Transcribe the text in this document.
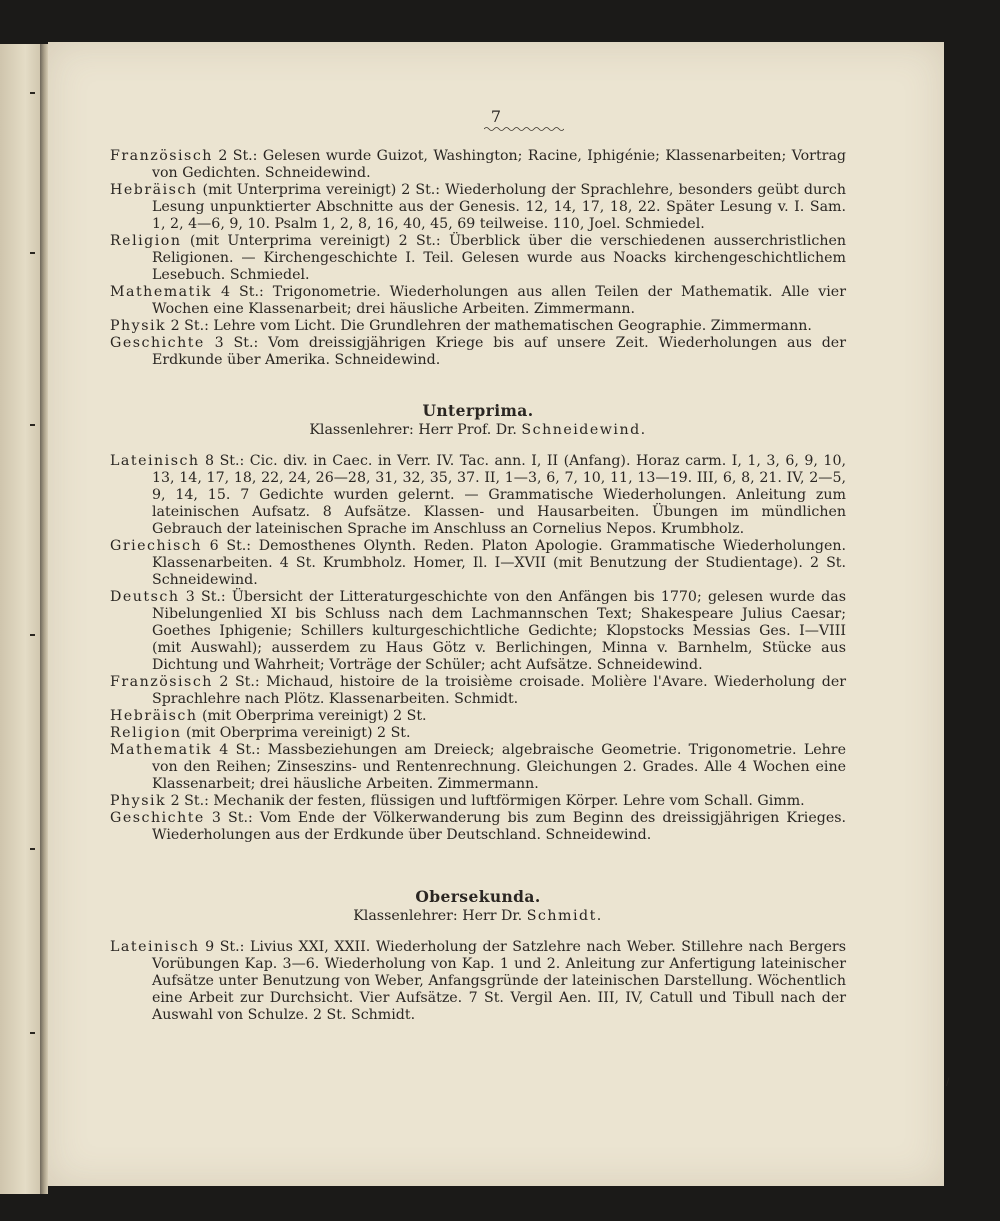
7

Französisch 2 St.: Gelesen wurde Guizot, Washington; Racine, Iphigénie; Klassenarbeiten; Vortrag von Gedichten. Schneidewind.

Hebräisch (mit Unterprima vereinigt) 2 St.: Wiederholung der Sprachlehre, besonders geübt durch Lesung unpunktierter Abschnitte aus der Genesis. 12, 14, 17, 18, 22. Später Lesung v. I. Sam. 1, 2, 4—6, 9, 10. Psalm 1, 2, 8, 16, 40, 45, 69 teilweise. 110, Joel. Schmiedel.

Religion (mit Unterprima vereinigt) 2 St.: Überblick über die verschiedenen ausserchristlichen Religionen. — Kirchengeschichte I. Teil. Gelesen wurde aus Noacks kirchengeschichtlichem Lesebuch. Schmiedel.

Mathematik 4 St.: Trigonometrie. Wiederholungen aus allen Teilen der Mathematik. Alle vier Wochen eine Klassenarbeit; drei häusliche Arbeiten. Zimmermann.

Physik 2 St.: Lehre vom Licht. Die Grundlehren der mathematischen Geographie. Zimmermann.

Geschichte 3 St.: Vom dreissigjährigen Kriege bis auf unsere Zeit. Wiederholungen aus der Erdkunde über Amerika. Schneidewind.

Unterprima.

Klassenlehrer: Herr Prof. Dr. Schneidewind.

Lateinisch 8 St.: Cic. div. in Caec. in Verr. IV. Tac. ann. I, II (Anfang). Horaz carm. I, 1, 3, 6, 9, 10, 13, 14, 17, 18, 22, 24, 26—28, 31, 32, 35, 37. II, 1—3, 6, 7, 10, 11, 13—19. III, 6, 8, 21. IV, 2—5, 9, 14, 15. 7 Gedichte wurden gelernt. — Grammatische Wiederholungen. Anleitung zum lateinischen Aufsatz. 8 Aufsätze. Klassen- und Hausarbeiten. Übungen im mündlichen Gebrauch der lateinischen Sprache im Anschluss an Cornelius Nepos. Krumbholz.

Griechisch 6 St.: Demosthenes Olynth. Reden. Platon Apologie. Grammatische Wiederholungen. Klassenarbeiten. 4 St. Krumbholz. Homer, Il. I—XVII (mit Benutzung der Studientage). 2 St. Schneidewind.

Deutsch 3 St.: Übersicht der Litteraturgeschichte von den Anfängen bis 1770; gelesen wurde das Nibelungenlied XI bis Schluss nach dem Lachmannschen Text; Shakespeare Julius Caesar; Goethes Iphigenie; Schillers kulturgeschichtliche Gedichte; Klopstocks Messias Ges. I—VIII (mit Auswahl); ausserdem zu Haus Götz v. Berlichingen, Minna v. Barnhelm, Stücke aus Dichtung und Wahrheit; Vorträge der Schüler; acht Aufsätze. Schneidewind.

Französisch 2 St.: Michaud, histoire de la troisième croisade. Molière l'Avare. Wiederholung der Sprachlehre nach Plötz. Klassenarbeiten. Schmidt.

Hebräisch (mit Oberprima vereinigt) 2 St.

Religion (mit Oberprima vereinigt) 2 St.

Mathematik 4 St.: Massbeziehungen am Dreieck; algebraische Geometrie. Trigonometrie. Lehre von den Reihen; Zinseszins- und Rentenrechnung. Gleichungen 2. Grades. Alle 4 Wochen eine Klassenarbeit; drei häusliche Arbeiten. Zimmermann.

Physik 2 St.: Mechanik der festen, flüssigen und luftförmigen Körper. Lehre vom Schall. Gimm.

Geschichte 3 St.: Vom Ende der Völkerwanderung bis zum Beginn des dreissigjährigen Krieges. Wiederholungen aus der Erdkunde über Deutschland. Schneidewind.

Obersekunda.

Klassenlehrer: Herr Dr. Schmidt.

Lateinisch 9 St.: Livius XXI, XXII. Wiederholung der Satzlehre nach Weber. Stillehre nach Bergers Vorübungen Kap. 3—6. Wiederholung von Kap. 1 und 2. Anleitung zur Anfertigung lateinischer Aufsätze unter Benutzung von Weber, Anfangsgründe der lateinischen Darstellung. Wöchentlich eine Arbeit zur Durchsicht. Vier Aufsätze. 7 St. Vergil Aen. III, IV, Catull und Tibull nach der Auswahl von Schulze. 2 St. Schmidt.

/
